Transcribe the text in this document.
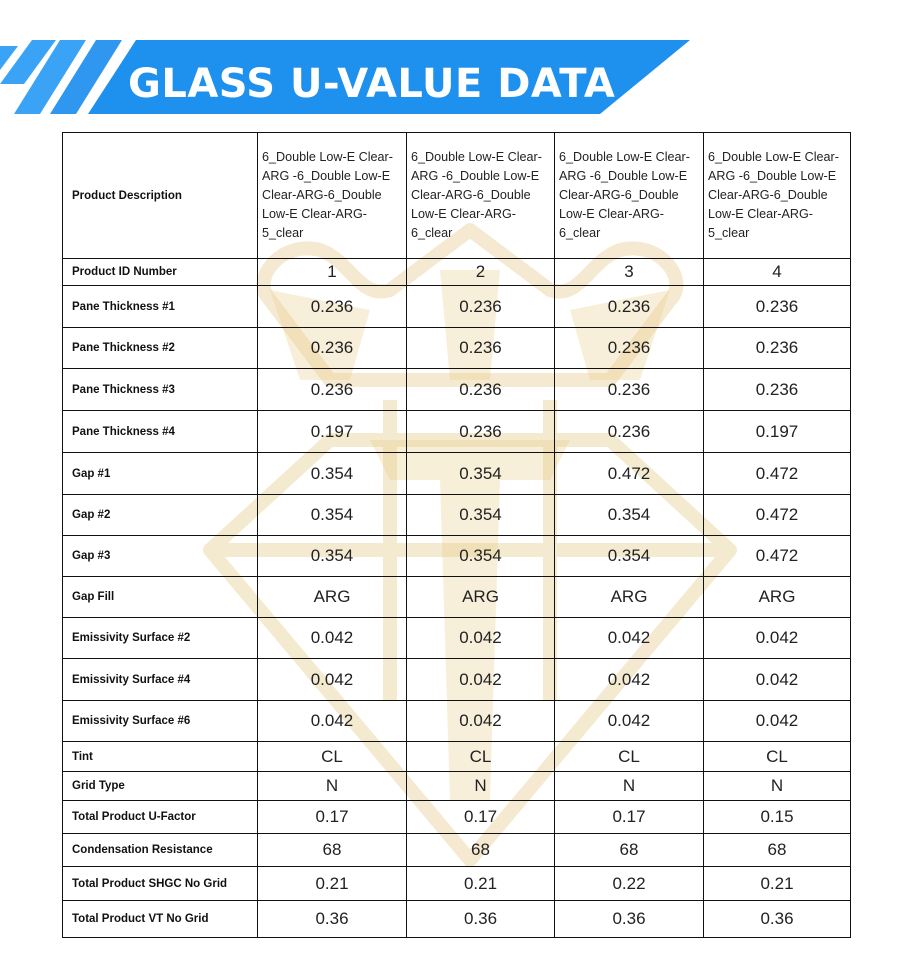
GLASS U-VALUE DATA
Product Description	6_Double Low-E Clear- ARG -6_Double Low-E Clear-ARG-6_Double Low-E Clear-ARG-5_clear	6_Double Low-E Clear- ARG -6_Double Low-E Clear-ARG-6_Double Low-E Clear-ARG-6_clear	6_Double Low-E Clear- ARG -6_Double Low-E Clear-ARG-6_Double Low-E Clear-ARG-6_clear	6_Double Low-E Clear- ARG -6_Double Low-E Clear-ARG-6_Double Low-E Clear-ARG-5_clear
Product ID Number	1	2	3	4
Pane Thickness #1	0.236	0.236	0.236	0.236
Pane Thickness #2	0.236	0.236	0.236	0.236
Pane Thickness #3	0.236	0.236	0.236	0.236
Pane Thickness #4	0.197	0.236	0.236	0.197
Gap #1	0.354	0.354	0.472	0.472
Gap #2	0.354	0.354	0.354	0.472
Gap #3	0.354	0.354	0.354	0.472
Gap Fill	ARG	ARG	ARG	ARG
Emissivity Surface #2	0.042	0.042	0.042	0.042
Emissivity Surface #4	0.042	0.042	0.042	0.042
Emissivity Surface #6	0.042	0.042	0.042	0.042
Tint	CL	CL	CL	CL
Grid Type	N	N	N	N
Total Product U-Factor	0.17	0.17	0.17	0.15
Condensation Resistance	68	68	68	68
Total Product SHGC No Grid	0.21	0.21	0.22	0.21
Total Product VT No Grid	0.36	0.36	0.36	0.36
